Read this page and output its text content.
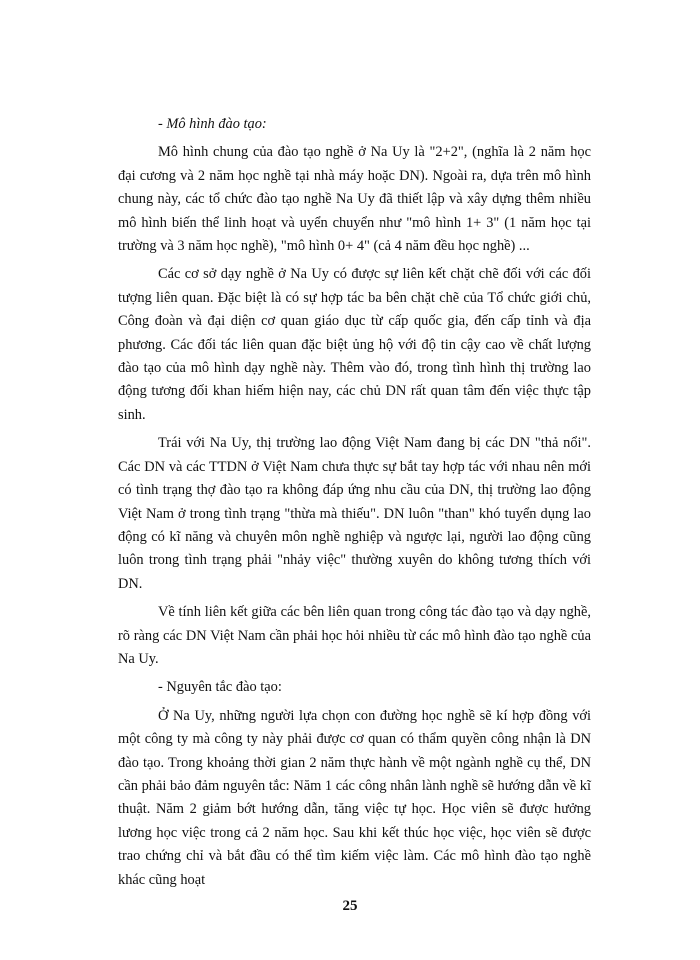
- Mô hình đào tạo:

Mô hình chung của đào tạo nghề ở Na Uy là "2+2", (nghĩa là 2 năm học đại cương và 2 năm học nghề tại nhà máy hoặc DN). Ngoài ra, dựa trên mô hình chung này, các tổ chức đào tạo nghề Na Uy đã thiết lập và xây dựng thêm nhiều mô hình biến thể linh hoạt và uyển chuyển như "mô hình 1+ 3" (1 năm học tại trường và 3 năm học nghề), "mô hình 0+ 4" (cả 4 năm đều học nghề) ...

Các cơ sở dạy nghề ở Na Uy có được sự liên kết chặt chẽ đối với các đối tượng liên quan. Đặc biệt là có sự hợp tác ba bên chặt chẽ của Tổ chức giới chủ, Công đoàn và đại diện cơ quan giáo dục từ cấp quốc gia, đến cấp tỉnh và địa phương. Các đối tác liên quan đặc biệt ủng hộ với độ tin cậy cao về chất lượng đào tạo của mô hình dạy nghề này. Thêm vào đó, trong tình hình thị trường lao động tương đối khan hiếm hiện nay, các chủ DN rất quan tâm đến việc thực tập sinh.

Trái với Na Uy, thị trường lao động Việt Nam đang bị các DN "thả nổi". Các DN và các TTDN ở Việt Nam chưa thực sự bắt tay hợp tác với nhau nên mới có tình trạng thợ đào tạo ra không đáp ứng nhu cầu của DN, thị trường lao động Việt Nam ở trong tình trạng "thừa mà thiếu". DN luôn "than" khó tuyển dụng lao động có kĩ năng và chuyên môn nghề nghiệp và ngược lại, người lao động cũng luôn trong tình trạng phải "nhảy việc" thường xuyên do không tương thích với DN.

Về tính liên kết giữa các bên liên quan trong công tác đào tạo và dạy nghề, rõ ràng các DN Việt Nam cần phải học hỏi nhiều từ các mô hình đào tạo nghề của Na Uy.

- Nguyên tắc đào tạo:

Ở Na Uy, những người lựa chọn con đường học nghề sẽ kí hợp đồng với một công ty mà công ty này phải được cơ quan có thẩm quyền công nhận là DN đào tạo. Trong khoảng thời gian 2 năm thực hành về một ngành nghề cụ thể, DN cần phải bảo đảm nguyên tắc: Năm 1 các công nhân lành nghề sẽ hướng dẫn về kĩ thuật. Năm 2 giảm bớt hướng dẫn, tăng việc tự học. Học viên sẽ được hưởng lương học việc trong cả 2 năm học. Sau khi kết thúc học việc, học viên sẽ được trao chứng chỉ và bắt đầu có thể tìm kiếm việc làm. Các mô hình đào tạo nghề khác cũng hoạt

25
